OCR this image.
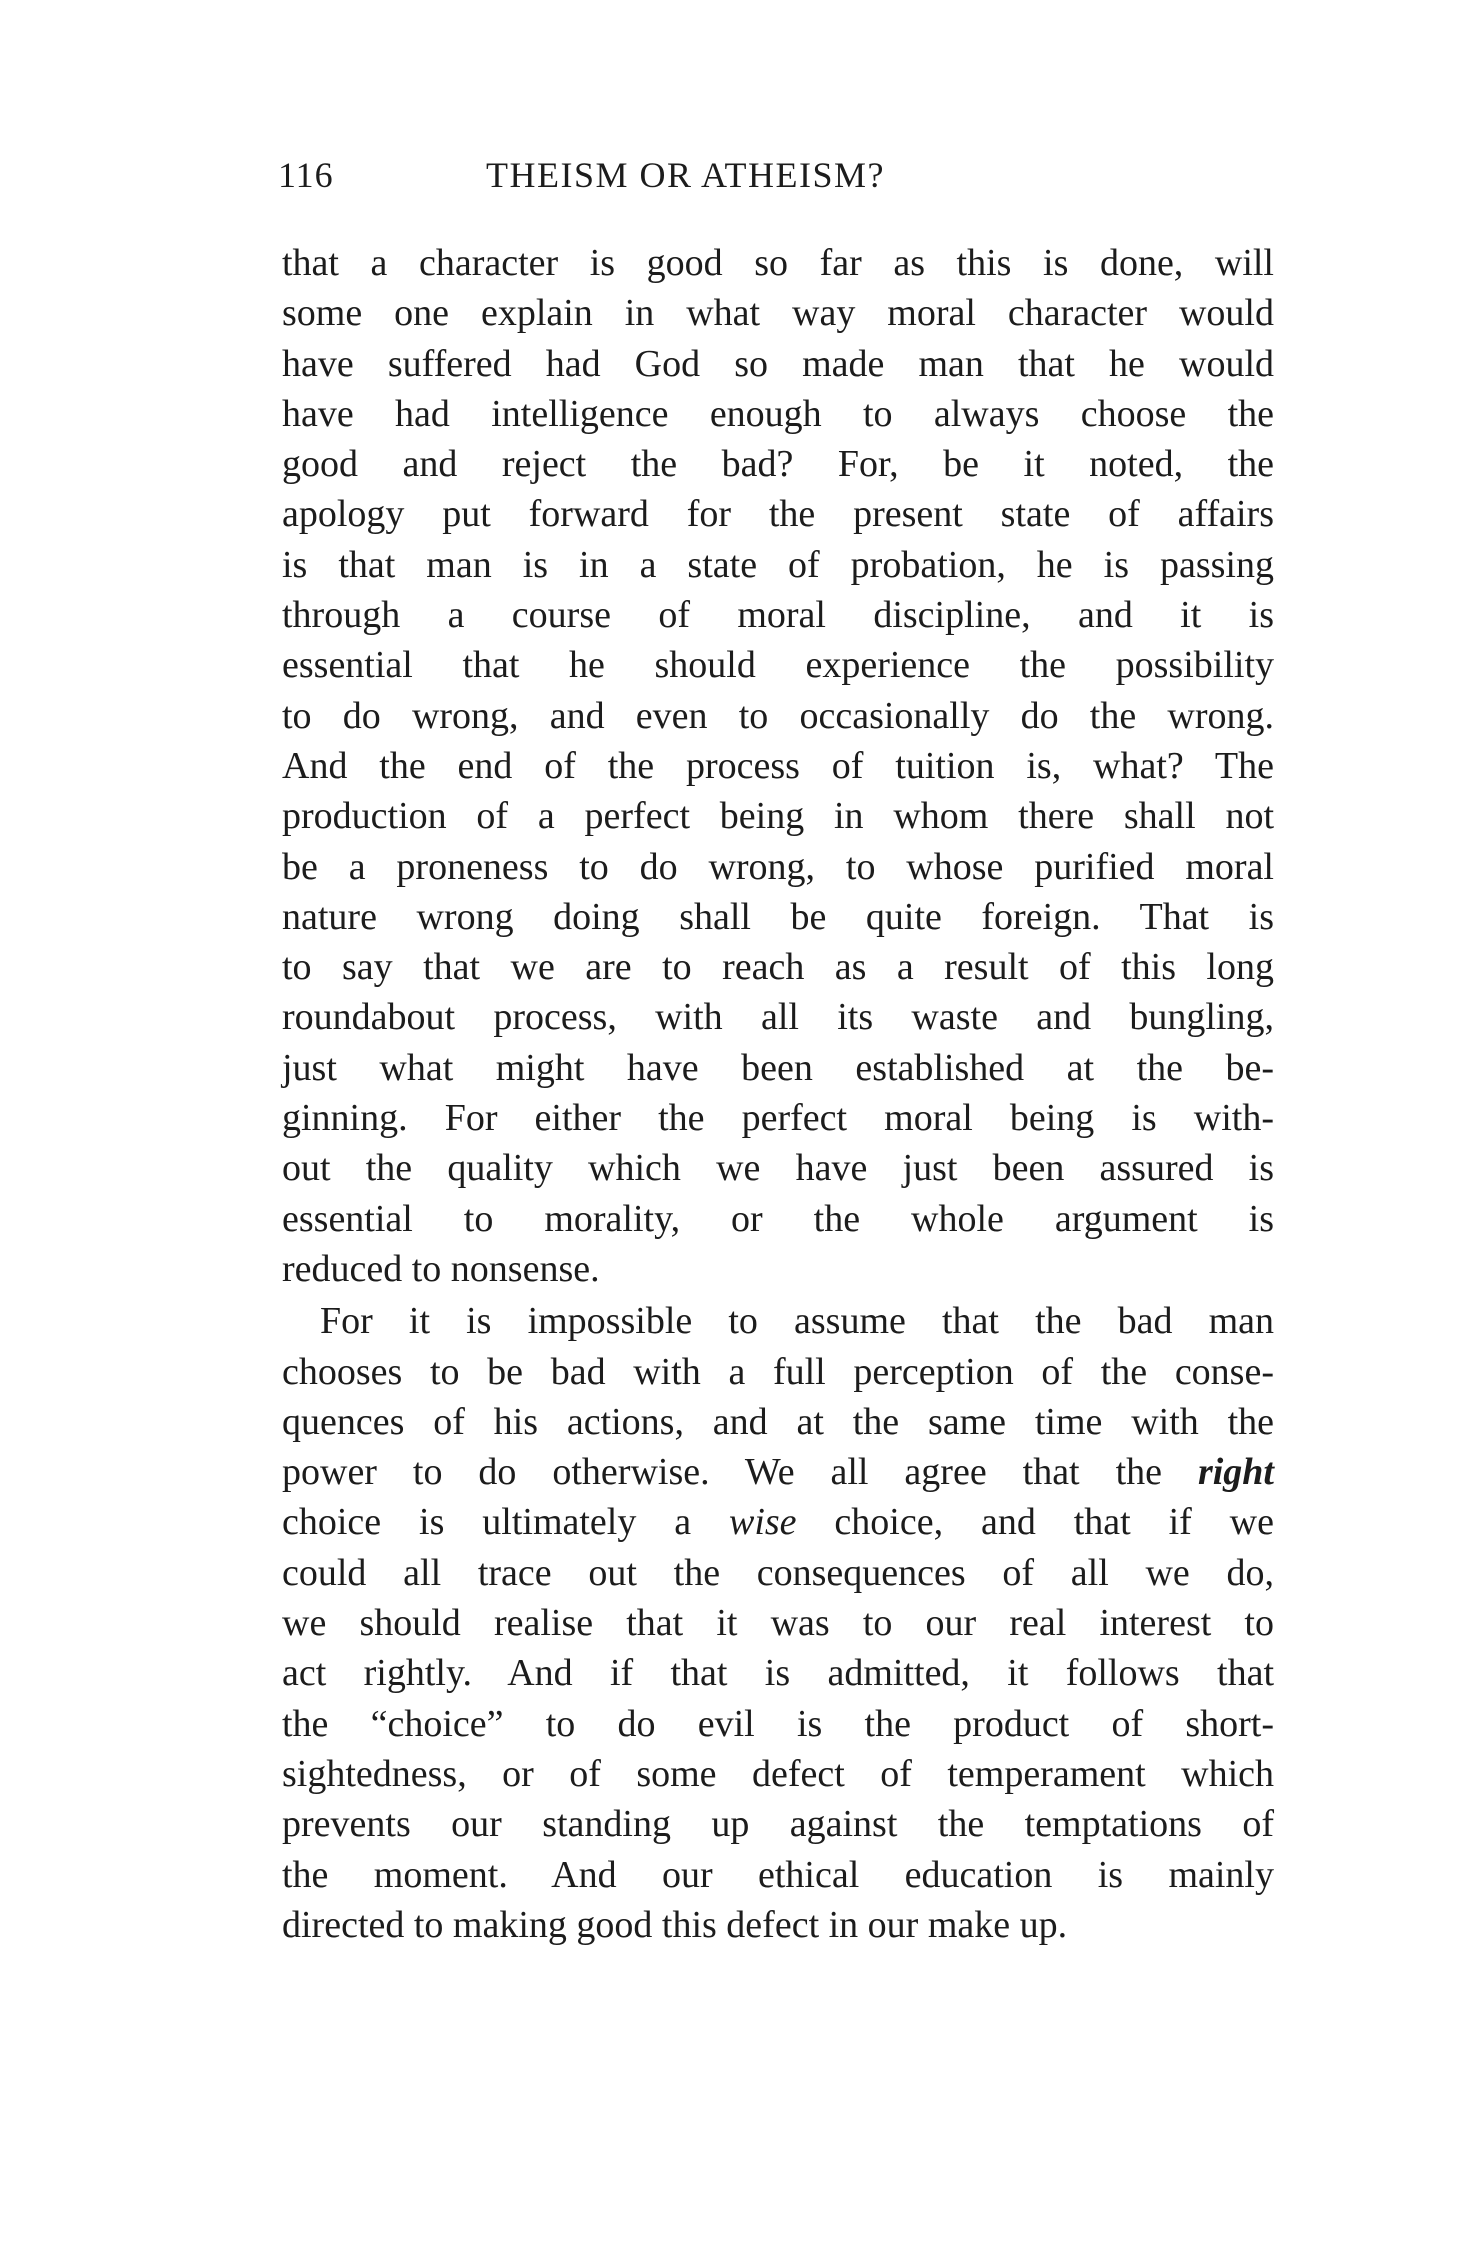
116	THEISM OR ATHEISM?
that a character is good so far as this is done, will
some one explain in what way moral character would
have suffered had God so made man that he would
have had intelligence enough to always choose the
good and reject the bad? For, be it noted, the
apology put forward for the present state of affairs
is that man is in a state of probation, he is passing
through a course of moral discipline, and it is
essential that he should experience the possibility
to do wrong, and even to occasionally do the wrong.
And the end of the process of tuition is, what? The
production of a perfect being in whom there shall not
be a proneness to do wrong, to whose purified moral
nature wrong doing shall be quite foreign. That is
to say that we are to reach as a result of this long
roundabout process, with all its waste and bungling,
just what might have been established at the be-
ginning. For either the perfect moral being is with-
out the quality which we have just been assured is
essential to morality, or the whole argument is
reduced to nonsense.
For it is impossible to assume that the bad man
chooses to be bad with a full perception of the conse-
quences of his actions, and at the same time with the
power to do otherwise. We all agree that the right
choice is ultimately a wise choice, and that if we
could all trace out the consequences of all we do,
we should realise that it was to our real interest to
act rightly. And if that is admitted, it follows that
the “choice” to do evil is the product of short-
sightedness, or of some defect of temperament which
prevents our standing up against the temptations of
the moment. And our ethical education is mainly
directed to making good this defect in our make up.
